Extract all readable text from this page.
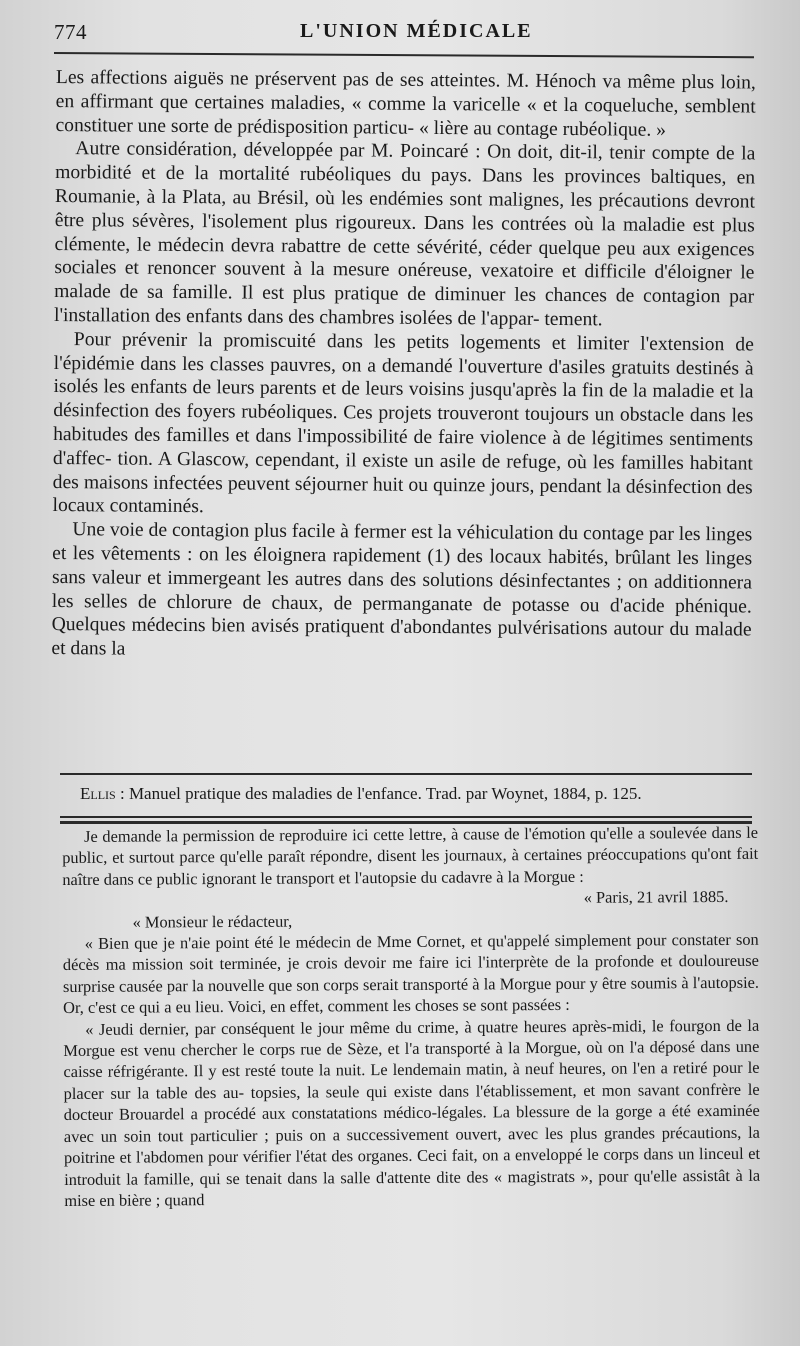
774	L'UNION MÉDICALE

Les affections aiguës ne préservent pas de ses atteintes. M. Hénoch va même plus loin, en affirmant que certaines maladies, « comme la varicelle « et la coqueluche, semblent constituer une sorte de prédisposition particu- « lière au contage rubéolique. »

Autre considération, développée par M. Poincaré : On doit, dit-il, tenir compte de la morbidité et de la mortalité rubéoliques du pays. Dans les provinces baltiques, en Roumanie, à la Plata, au Brésil, où les endémies sont malignes, les précautions devront être plus sévères, l'isolement plus rigoureux. Dans les contrées où la maladie est plus clémente, le médecin devra rabattre de cette sévérité, céder quelque peu aux exigences sociales et renoncer souvent à la mesure onéreuse, vexatoire et difficile d'éloigner le malade de sa famille. Il est plus pratique de diminuer les chances de contagion par l'installation des enfants dans des chambres isolées de l'appar- tement.

Pour prévenir la promiscuité dans les petits logements et limiter l'extension de l'épidémie dans les classes pauvres, on a demandé l'ouverture d'asiles gratuits destinés à isolés les enfants de leurs parents et de leurs voisins jusqu'après la fin de la maladie et la désinfection des foyers rubéoliques. Ces projets trouveront toujours un obstacle dans les habitudes des familles et dans l'impossibilité de faire violence à de légitimes sentiments d'affec- tion. A Glascow, cependant, il existe un asile de refuge, où les familles habitant des maisons infectées peuvent séjourner huit ou quinze jours, pendant la désinfection des locaux contaminés.

Une voie de contagion plus facile à fermer est la véhiculation du contage par les linges et les vêtements : on les éloignera rapidement (1) des locaux habités, brûlant les linges sans valeur et immergeant les autres dans des solutions désinfectantes ; on additionnera les selles de chlorure de chaux, de permanganate de potasse ou d'acide phénique. Quelques médecins bien avisés pratiquent d'abondantes pulvérisations autour du malade et dans la

Ellis : Manuel pratique des maladies de l'enfance. Trad. par Woynet, 1884, p. 125.

Je demande la permission de reproduire ici cette lettre, à cause de l'émotion qu'elle a soulevée dans le public, et surtout parce qu'elle paraît répondre, disent les journaux, à certaines préoccupations qu'ont fait naître dans ce public ignorant le transport et l'autopsie du cadavre à la Morgue :

« Paris, 21 avril 1885.

« Monsieur le rédacteur,

« Bien que je n'aie point été le médecin de Mme Cornet, et qu'appelé simplement pour constater son décès ma mission soit terminée, je crois devoir me faire ici l'interprète de la profonde et douloureuse surprise causée par la nouvelle que son corps serait transporté à la Morgue pour y être soumis à l'autopsie. Or, c'est ce qui a eu lieu. Voici, en effet, comment les choses se sont passées :

« Jeudi dernier, par conséquent le jour même du crime, à quatre heures après-midi, le fourgon de la Morgue est venu chercher le corps rue de Sèze, et l'a transporté à la Morgue, où on l'a déposé dans une caisse réfrigérante. Il y est resté toute la nuit. Le lendemain matin, à neuf heures, on l'en a retiré pour le placer sur la table des au- topsies, la seule qui existe dans l'établissement, et mon savant confrère le docteur Brouardel a procédé aux constatations médico-légales. La blessure de la gorge a été examinée avec un soin tout particulier ; puis on a successivement ouvert, avec les plus grandes précautions, la poitrine et l'abdomen pour vérifier l'état des organes. Ceci fait, on a enveloppé le corps dans un linceul et introduit la famille, qui se tenait dans la salle d'attente dite des « magistrats », pour qu'elle assistât à la mise en bière ; quand
